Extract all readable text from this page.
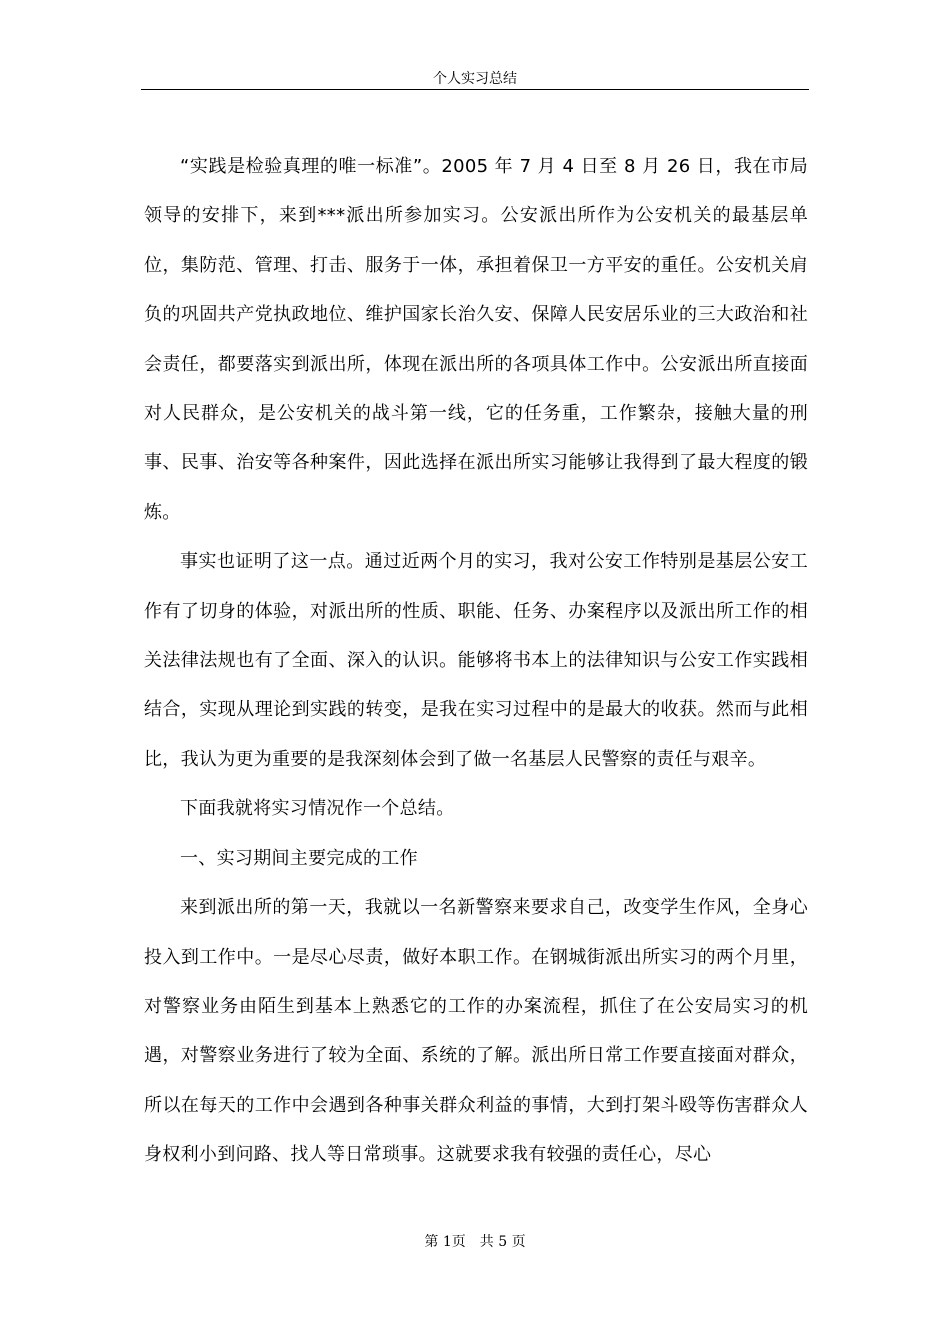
个人实习总结

“实践是检验真理的唯一标准”。2005 年 7 月 4 日至 8 月 26 日，我在市局领导的安排下，来到***派出所参加实习。公安派出所作为公安机关的最基层单位，集防范、管理、打击、服务于一体，承担着保卫一方平安的重任。公安机关肩负的巩固共产党执政地位、维护国家长治久安、保障人民安居乐业的三大政治和社会责任，都要落实到派出所，体现在派出所的各项具体工作中。公安派出所直接面对人民群众，是公安机关的战斗第一线，它的任务重，工作繁杂，接触大量的刑事、民事、治安等各种案件，因此选择在派出所实习能够让我得到了最大程度的锻炼。

事实也证明了这一点。通过近两个月的实习，我对公安工作特别是基层公安工作有了切身的体验，对派出所的性质、职能、任务、办案程序以及派出所工作的相关法律法规也有了全面、深入的认识。能够将书本上的法律知识与公安工作实践相结合，实现从理论到实践的转变，是我在实习过程中的是最大的收获。然而与此相比，我认为更为重要的是我深刻体会到了做一名基层人民警察的责任与艰辛。

下面我就将实习情况作一个总结。

一、实习期间主要完成的工作

来到派出所的第一天，我就以一名新警察来要求自己，改变学生作风，全身心投入到工作中。一是尽心尽责，做好本职工作。在钢城街派出所实习的两个月里，对警察业务由陌生到基本上熟悉它的工作的办案流程，抓住了在公安局实习的机遇，对警察业务进行了较为全面、系统的了解。派出所日常工作要直接面对群众，所以在每天的工作中会遇到各种事关群众利益的事情，大到打架斗殴等伤害群众人身权利小到问路、找人等日常琐事。这就要求我有较强的责任心，尽心

第 1页　共 5 页
